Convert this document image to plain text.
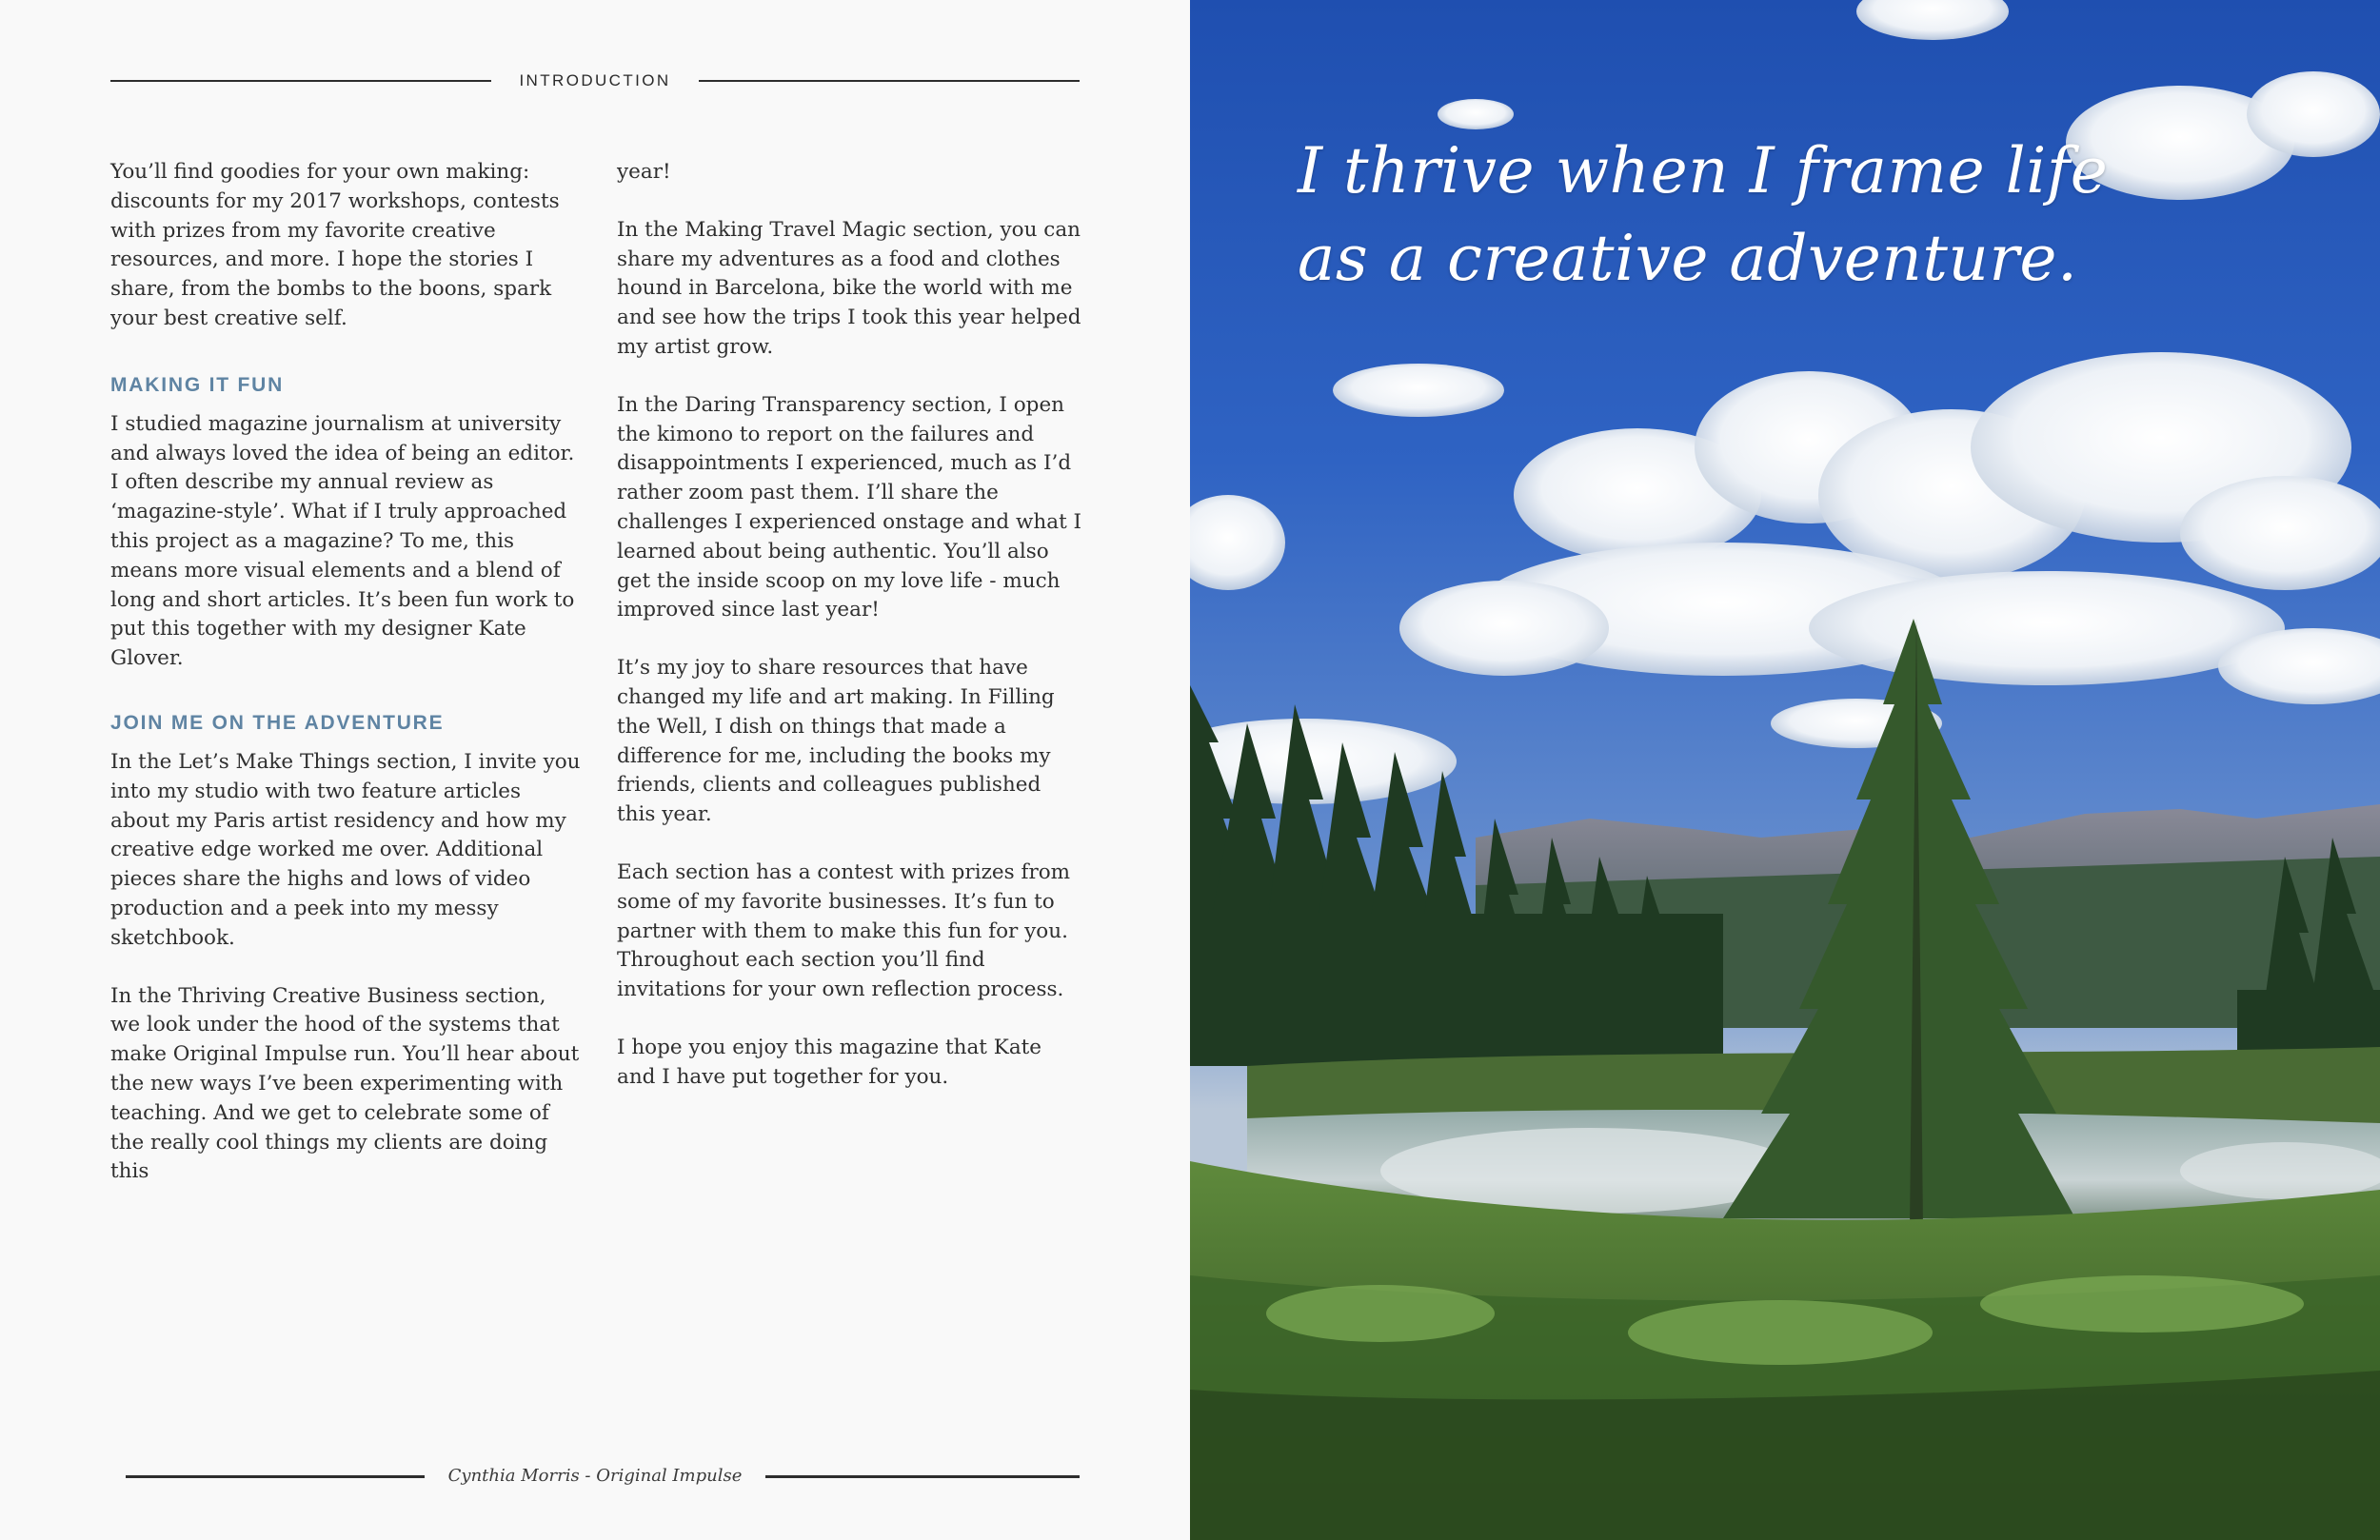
INTRODUCTION

You’ll find goodies for your own making: discounts for my 2017 workshops, contests with prizes from my favorite creative resources, and more. I hope the stories I share, from the bombs to the boons, spark your best creative self.

MAKING IT FUN

I studied magazine journalism at university and always loved the idea of being an editor. I often describe my annual review as ‘magazine-style’. What if I truly approached this project as a magazine? To me, this means more visual elements and a blend of long and short articles. It’s been fun work to put this together with my designer Kate Glover.

JOIN ME ON THE ADVENTURE

In the Let’s Make Things section, I invite you into my studio with two feature articles about my Paris artist residency and how my creative edge worked me over. Additional pieces share the highs and lows of video production and a peek into my messy sketchbook.

In the Thriving Creative Business section, we look under the hood of the systems that make Original Impulse run. You’ll hear about the new ways I’ve been experimenting with teaching. And we get to celebrate some of the really cool things my clients are doing this

year!

In the Making Travel Magic section, you can share my adventures as a food and clothes hound in Barcelona, bike the world with me and see how the trips I took this year helped my artist grow.

In the Daring Transparency section, I open the kimono to report on the failures and disappointments I experienced, much as I’d rather zoom past them. I’ll share the challenges I experienced onstage and what I learned about being authentic. You’ll also get the inside scoop on my love life - much improved since last year!

It’s my joy to share resources that have changed my life and art making. In Filling the Well, I dish on things that made a difference for me, including the books my friends, clients and colleagues published this year.

Each section has a contest with prizes from some of my favorite businesses. It’s fun to partner with them to make this fun for you. Throughout each section you’ll find invitations for your own reflection process.

I hope you enjoy this magazine that Kate and I have put together for you.

Cynthia Morris - Original Impulse
I thrive when I frame life
as a creative adventure.
